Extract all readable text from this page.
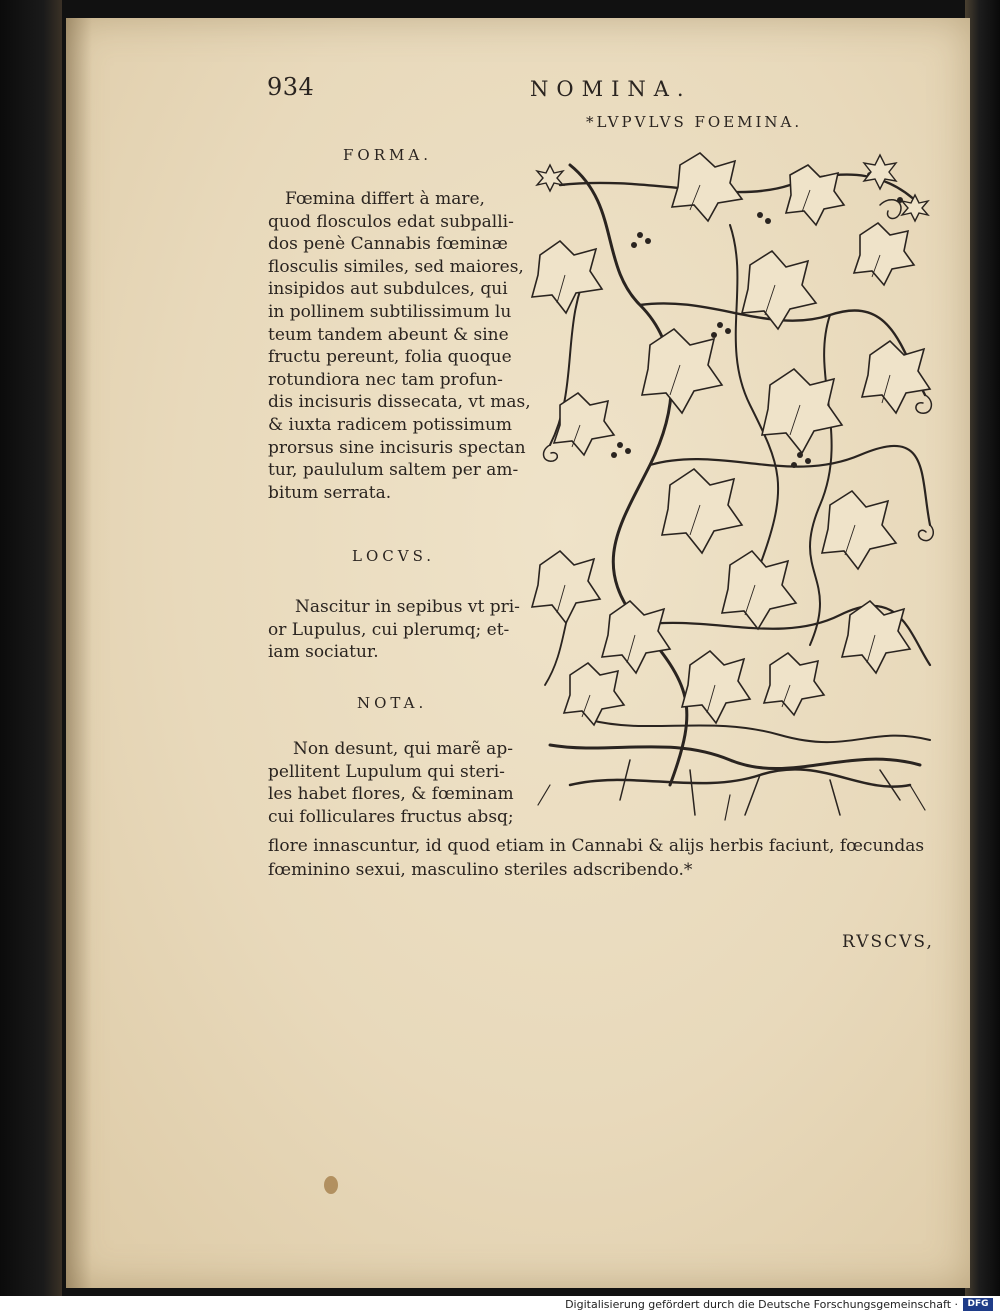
934	NOMINA.
*LVPVLVS FOEMINA.
FORMA.
Fœmina differt à mare,
quod flosculos edat subpalli-
dos penè Cannabis fœminæ
flosculis similes, sed maiores,
insipidos aut subdulces, qui
in pollinem subtilissimum lu
teum tandem abeunt & sine
fructu pereunt, folia quoque
rotundiora nec tam profun-
dis incisuris dissecata, vt mas,
& iuxta radicem potissimum
prorsus sine incisuris spectan
tur, paululum saltem per am-
bitum serrata.
LOCVS.
Nascitur in sepibus vt pri-
or Lupulus, cui plerumq; et-
iam sociatur.
NOTA.
Non desunt, qui marẽ ap-
pellitent Lupulum qui steri-
les habet flores, & fœminam
cui folliculares fructus absq;
flore innascuntur, id quod etiam in Cannabi & alijs herbis faciunt, fœcundas
fœminino sexui, masculino steriles adscribendo.*
RVSCVS,
Digitalisierung gefördert durch die Deutsche Forschungsgemeinschaft ·	DFG
